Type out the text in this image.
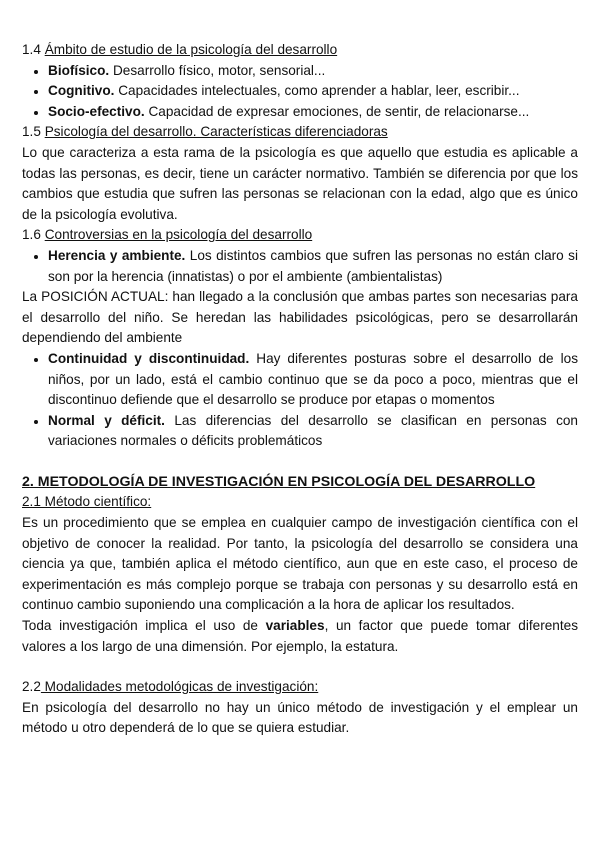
1.4 Ámbito de estudio de la psicología del desarrollo

• Biofísico. Desarrollo físico, motor, sensorial...
• Cognitivo. Capacidades intelectuales, como aprender a hablar, leer, escribir...
• Socio-efectivo. Capacidad de expresar emociones, de sentir, de relacionarse...

1.5 Psicología del desarrollo. Características diferenciadoras

Lo que caracteriza a esta rama de la psicología es que aquello que estudia es aplicable a todas las personas, es decir, tiene un carácter normativo. También se diferencia por que los cambios que estudia que sufren las personas se relacionan con la edad, algo que es único de la psicología evolutiva.

1.6 Controversias en la psicología del desarrollo

• Herencia y ambiente. Los distintos cambios que sufren las personas no están claro si son por la herencia (innatistas) o por el ambiente (ambientalistas)

La POSICIÓN ACTUAL: han llegado a la conclusión que ambas partes son necesarias para el desarrollo del niño. Se heredan las habilidades psicológicas, pero se desarrollarán dependiendo del ambiente

• Continuidad y discontinuidad. Hay diferentes posturas sobre el desarrollo de los niños, por un lado, está el cambio continuo que se da poco a poco, mientras que el discontinuo defiende que el desarrollo se produce por etapas o momentos
• Normal y déficit. Las diferencias del desarrollo se clasifican en personas con variaciones normales o déficits problemáticos

2. METODOLOGÍA DE INVESTIGACIÓN EN PSICOLOGÍA DEL DESARROLLO

2.1 Método científico:

Es un procedimiento que se emplea en cualquier campo de investigación científica con el objetivo de conocer la realidad. Por tanto, la psicología del desarrollo se considera una ciencia ya que, también aplica el método científico, aun que en este caso, el proceso de experimentación es más complejo porque se trabaja con personas y su desarrollo está en continuo cambio suponiendo una complicación a la hora de aplicar los resultados.

Toda investigación implica el uso de variables, un factor que puede tomar diferentes valores a los largo de una dimensión. Por ejemplo, la estatura.

2.2 Modalidades metodológicas de investigación:

En psicología del desarrollo no hay un único método de investigación y el emplear un método u otro dependerá de lo que se quiera estudiar.
